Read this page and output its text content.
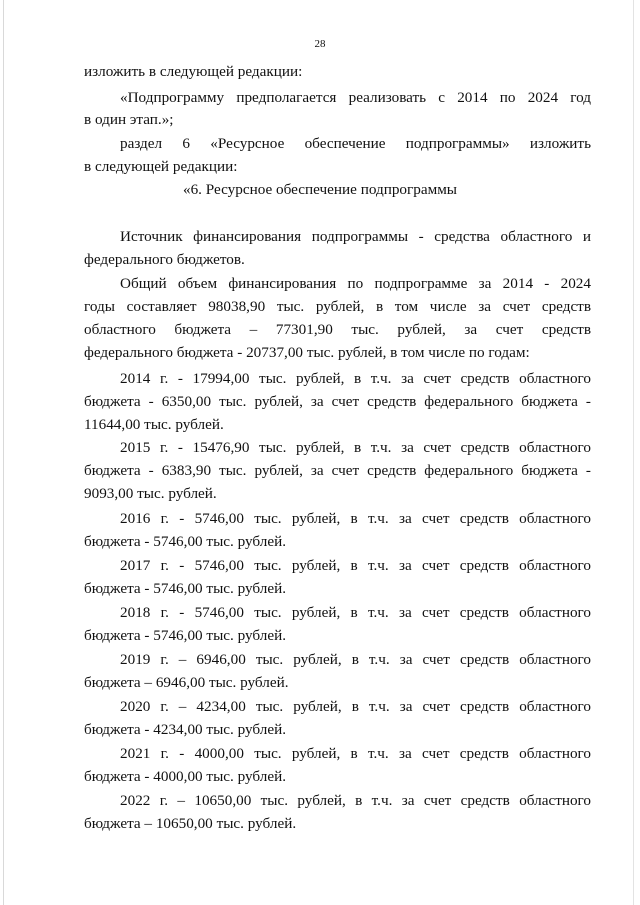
28
изложить в следующей редакции:
«Подпрограмму предполагается реализовать с 2014 по 2024 год
в один этап.»;
раздел 6 «Ресурсное обеспечение подпрограммы» изложить
в следующей редакции:
«6. Ресурсное обеспечение подпрограммы
Источник финансирования подпрограммы - средства областного и
федерального бюджетов.
Общий объем финансирования по подпрограмме за 2014 - 2024
годы составляет 98038,90 тыс. рублей, в том числе за счет средств
областного бюджета – 77301,90 тыс. рублей, за счет средств
федерального бюджета - 20737,00 тыс. рублей, в том числе по годам:
2014 г. - 17994,00 тыс. рублей, в т.ч. за счет средств областного
бюджета - 6350,00 тыс. рублей, за счет средств федерального бюджета -
11644,00 тыс. рублей.
2015 г. - 15476,90 тыс. рублей, в т.ч. за счет средств областного
бюджета - 6383,90 тыс. рублей, за счет средств федерального бюджета -
9093,00 тыс. рублей.
2016 г. - 5746,00 тыс. рублей, в т.ч. за счет средств областного
бюджета - 5746,00 тыс. рублей.
2017 г. - 5746,00 тыс. рублей, в т.ч. за счет средств областного
бюджета - 5746,00 тыс. рублей.
2018 г. - 5746,00 тыс. рублей, в т.ч. за счет средств областного
бюджета - 5746,00 тыс. рублей.
2019 г. – 6946,00 тыс. рублей, в т.ч. за счет средств областного
бюджета – 6946,00 тыс. рублей.
2020 г. – 4234,00 тыс. рублей, в т.ч. за счет средств областного
бюджета - 4234,00 тыс. рублей.
2021 г. - 4000,00 тыс. рублей, в т.ч. за счет средств областного
бюджета - 4000,00 тыс. рублей.
2022 г. – 10650,00 тыс. рублей, в т.ч. за счет средств областного
бюджета – 10650,00 тыс. рублей.
